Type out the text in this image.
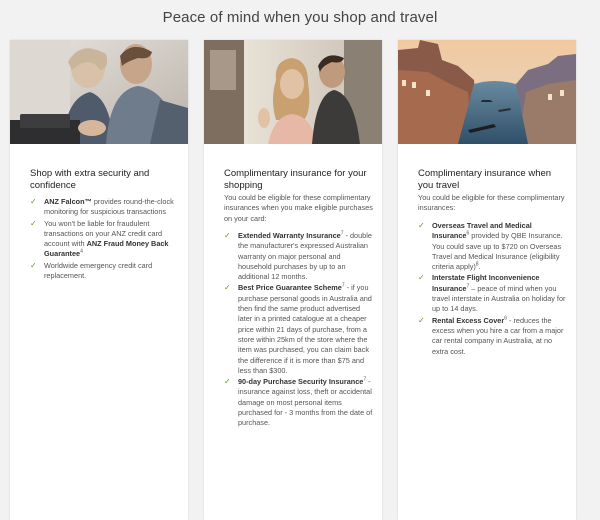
Peace of mind when you shop and travel
Shop with extra security and confidence
✓ ANZ Falcon™ provides round-the-clock monitoring for suspicious transactions
✓ You won't be liable for fraudulent transactions on your ANZ credit card account with ANZ Fraud Money Back Guarantee$^4$
✓ Worldwide emergency credit card replacement.
Complimentary insurance for your shopping
You could be eligible for these complimentary insurances when you make eligible purchases on your card:
✓ Extended Warranty Insurance$^7$ - double the manufacturer's expressed Australian warranty on major personal and household purchases by up to an additional 12 months.
✓ Best Price Guarantee Scheme$^7$ - if you purchase personal goods in Australia and then find the same product advertised later in a printed catalogue at a cheaper price within 21 days of purchase, from a store within 25km of the store where the item was purchased, you can claim back the difference if it is more than $75 and less than $300.
✓ 90-day Purchase Security Insurance$^7$ - insurance against loss, theft or accidental damage on most personal items purchased for - 3 months from the date of purchase.
Complimentary insurance when you travel
You could be eligible for these complimentary insurances:
✓ Overseas Travel and Medical Insurance$^6$ provided by QBE Insurance. You could save up to $720 on Overseas Travel and Medical Insurance (eligibility criteria apply)$^8$.
✓ Interstate Flight Inconvenience Insurance$^7$ – peace of mind when you travel interstate in Australia on holiday for up to 14 days.
✓ Rental Excess Cover$^6$ - reduces the excess when you hire a car from a major car rental company in Australia, at no extra cost.
